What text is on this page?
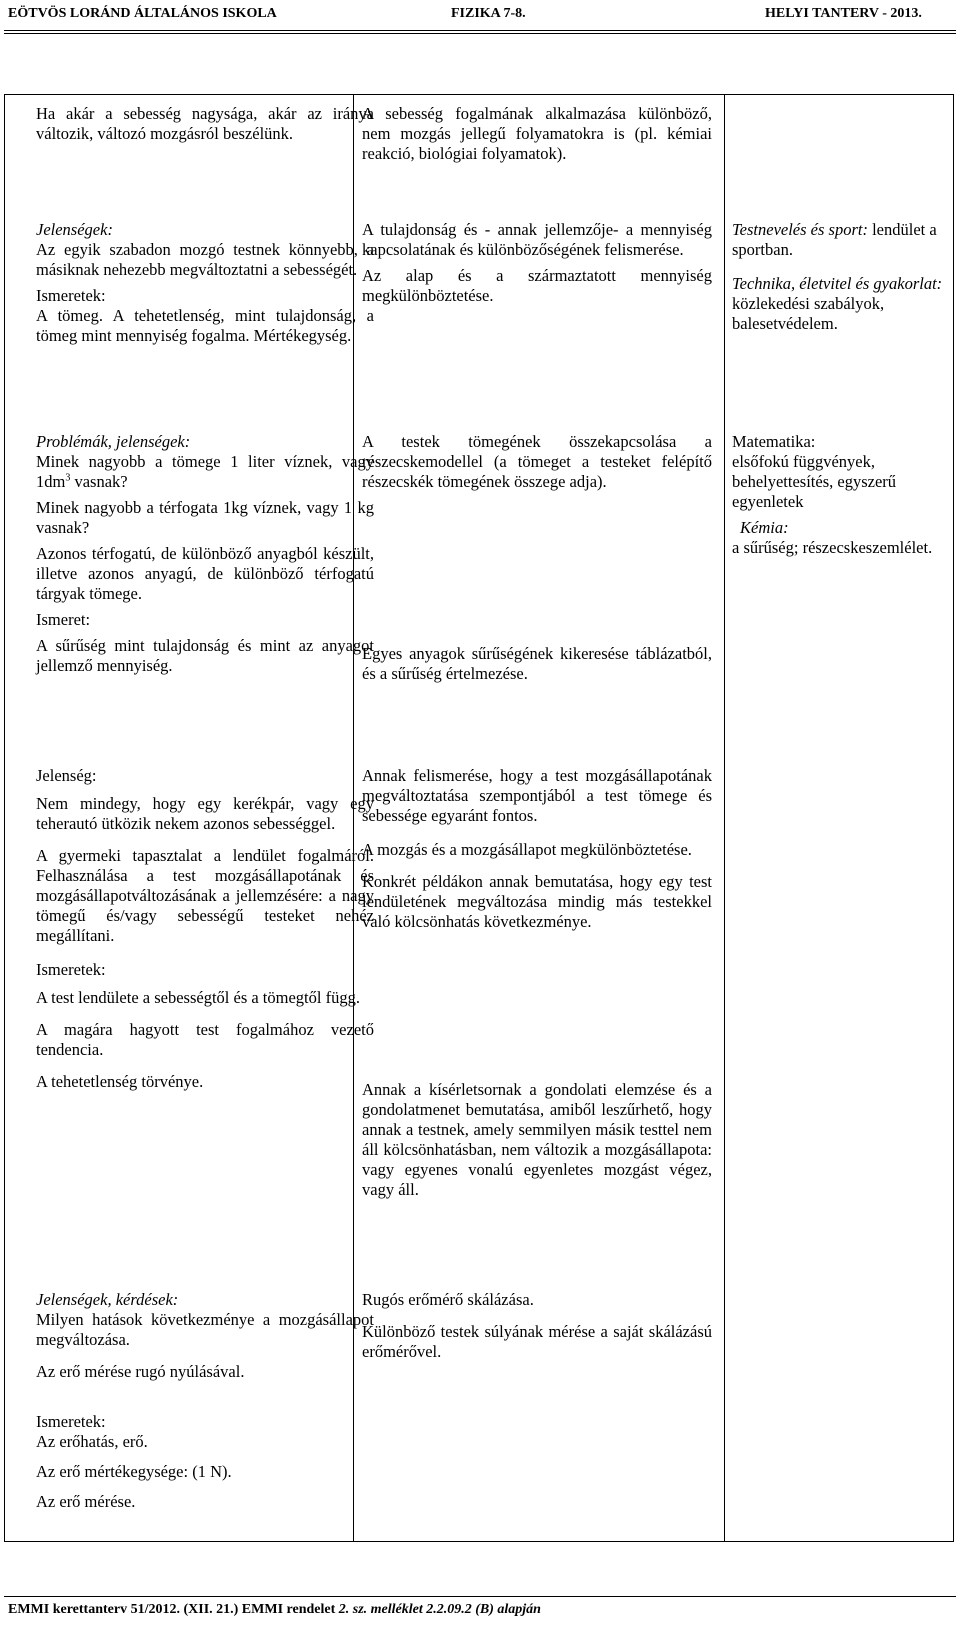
EÖTVÖS LORÁND ÁLTALÁNOS ISKOLA	FIZIKA 7-8.	HELYI TANTERV - 2013.

Ha akár a sebesség nagysága, akár az iránya változik, változó mozgásról beszélünk.

A sebesség fogalmának alkalmazása különböző, nem mozgás jellegű folyamatokra is (pl. kémiai reakció, biológiai folyamatok).

Jelenségek:

Az egyik szabadon mozgó testnek könnyebb, a másiknak nehezebb megváltoztatni a sebességét.

Ismeretek:

A tömeg. A tehetetlenség, mint tulajdonság, a tömeg mint mennyiség fogalma. Mértékegység.

A tulajdonság és - annak jellemzője- a mennyiség kapcsolatának és különbözőségének felismerése.

Az alap és a származtatott mennyiség megkülönböztetése.

Testnevelés és sport: lendület a sportban.

Technika, életvitel és gyakorlat: közlekedési szabályok, balesetvédelem.

Problémák, jelenségek:

Minek nagyobb a tömege 1 liter víznek, vagy $1dm^3$ vasnak?

Minek nagyobb a térfogata 1kg víznek, vagy 1 kg vasnak?

Azonos térfogatú, de különböző anyagból készült, illetve azonos anyagú, de különböző térfogatú tárgyak tömege.

Ismeret:

A sűrűség mint tulajdonság és mint az anyagot jellemző mennyiség.

A testek tömegének összekapcsolása a részecskemodellel (a tömeget a testeket felépítő részecskék tömegének összege adja).

Egyes anyagok sűrűségének kikeresése táblázatból, és a sűrűség értelmezése.

Matematika:

elsőfokú függvények, behelyettesítés, egyszerű egyenletek

Kémia:

a sűrűség; részecskeszemlélet.

Jelenség:

Nem mindegy, hogy egy kerékpár, vagy egy teherautó ütközik nekem azonos sebességgel.

A gyermeki tapasztalat a lendület fogalmáról. Felhasználása a test mozgásállapotának és mozgásállapotváltozásának a jellemzésére: a nagy tömegű és/vagy sebességű testeket nehéz megállítani.

Ismeretek:

A test lendülete a sebességtől és a tömegtől függ.

A magára hagyott test fogalmához vezető tendencia.

A tehetetlenség törvénye.

Annak felismerése, hogy a test mozgásállapotának megváltoztatása szempontjából a test tömege és sebessége egyaránt fontos.

A mozgás és a mozgásállapot megkülönböztetése.

Konkrét példákon annak bemutatása, hogy egy test lendületének megváltozása mindig más testekkel való kölcsönhatás következménye.

Annak a kísérletsornak a gondolati elemzése és a gondolatmenet bemutatása, amiből leszűrhető, hogy annak a testnek, amely semmilyen másik testtel nem áll kölcsönhatásban, nem változik a mozgásállapota: vagy egyenes vonalú egyenletes mozgást végez, vagy áll.

Jelenségek, kérdések:

Milyen hatások következménye a mozgásállapot megváltozása.

Az erő mérése rugó nyúlásával.

Ismeretek:

Az erőhatás, erő.

Az erő mértékegysége: (1 N).

Az erő mérése.

Rugós erőmérő skálázása.

Különböző testek súlyának mérése a saját skálázású erőmérővel.

EMMI kerettanterv 51/2012. (XII. 21.) EMMI rendelet 2. sz. melléklet 2.2.09.2 (B) alapján
